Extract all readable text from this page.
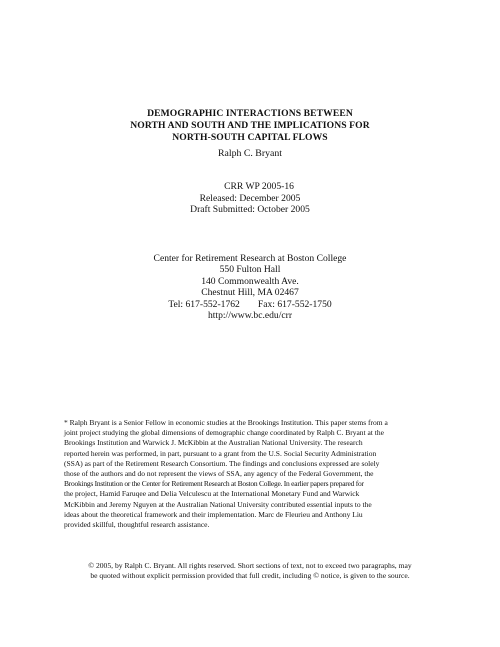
DEMOGRAPHIC INTERACTIONS BETWEEN
NORTH AND SOUTH AND THE IMPLICATIONS FOR
NORTH-SOUTH CAPITAL FLOWS
Ralph C. Bryant
CRR WP 2005-16
Released: December 2005
Draft Submitted: October 2005
Center for Retirement Research at Boston College
550 Fulton Hall
140 Commonwealth Ave.
Chestnut Hill, MA 02467
Tel: 617-552-1762 Fax: 617-552-1750
http://www.bc.edu/crr
* Ralph Bryant is a Senior Fellow in economic studies at the Brookings Institution. This paper stems from a
joint project studying the global dimensions of demographic change coordinated by Ralph C. Bryant at the
Brookings Institution and Warwick J. McKibbin at the Australian National University. The research
reported herein was performed, in part, pursuant to a grant from the U.S. Social Security Administration
(SSA) as part of the Retirement Research Consortium. The findings and conclusions expressed are solely
those of the authors and do not represent the views of SSA, any agency of the Federal Government, the
Brookings Institution or the Center for Retirement Research at Boston College. In earlier papers prepared for
the project, Hamid Faruqee and Delia Velculescu at the International Monetary Fund and Warwick
McKibbin and Jeremy Nguyen at the Australian National University contributed essential inputs to the
ideas about the theoretical framework and their implementation. Marc de Fleurieu and Anthony Liu
provided skillful, thoughtful research assistance.
© 2005, by Ralph C. Bryant. All rights reserved. Short sections of text, not to exceed two paragraphs, may
be quoted without explicit permission provided that full credit, including © notice, is given to the source.
